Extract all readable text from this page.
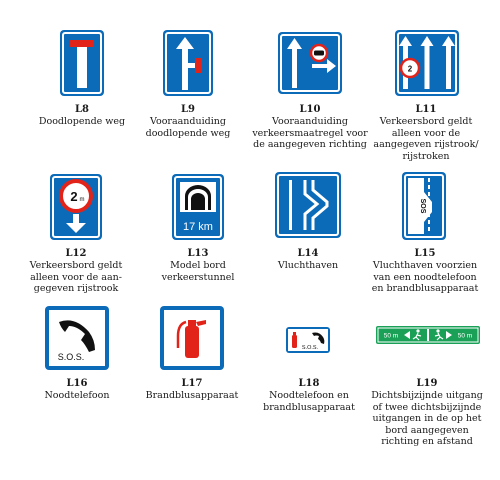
L8
Doodlopende weg
L9
Vooraanduiding
doodlopende weg
L10
Vooraanduiding
verkeersmaatregel voor
de aangegeven richting
2
L11
Verkeersbord geldt
alleen voor de
aangegeven rijstrook/
rijstroken
2 m
L12
Verkeersbord geldt
alleen voor de aan-
gegeven rijstrook
17 km
L13
Model bord
verkeerstunnel
L14
Vluchthaven
SOS
L15
Vluchthaven voorzien
van een noodtelefoon
en brandblusapparaat
S.O.S.
L16
Noodtelefoon
L17
Brandblusapparaat
S.O.S.
L18
Noodtelefoon en
brandblusapparaat
50 m	50 m
L19
Dichtsbijzijnde uitgang
of twee dichtsbijzijnde
uitgangen in de op het
bord aangegeven
richting en afstand
